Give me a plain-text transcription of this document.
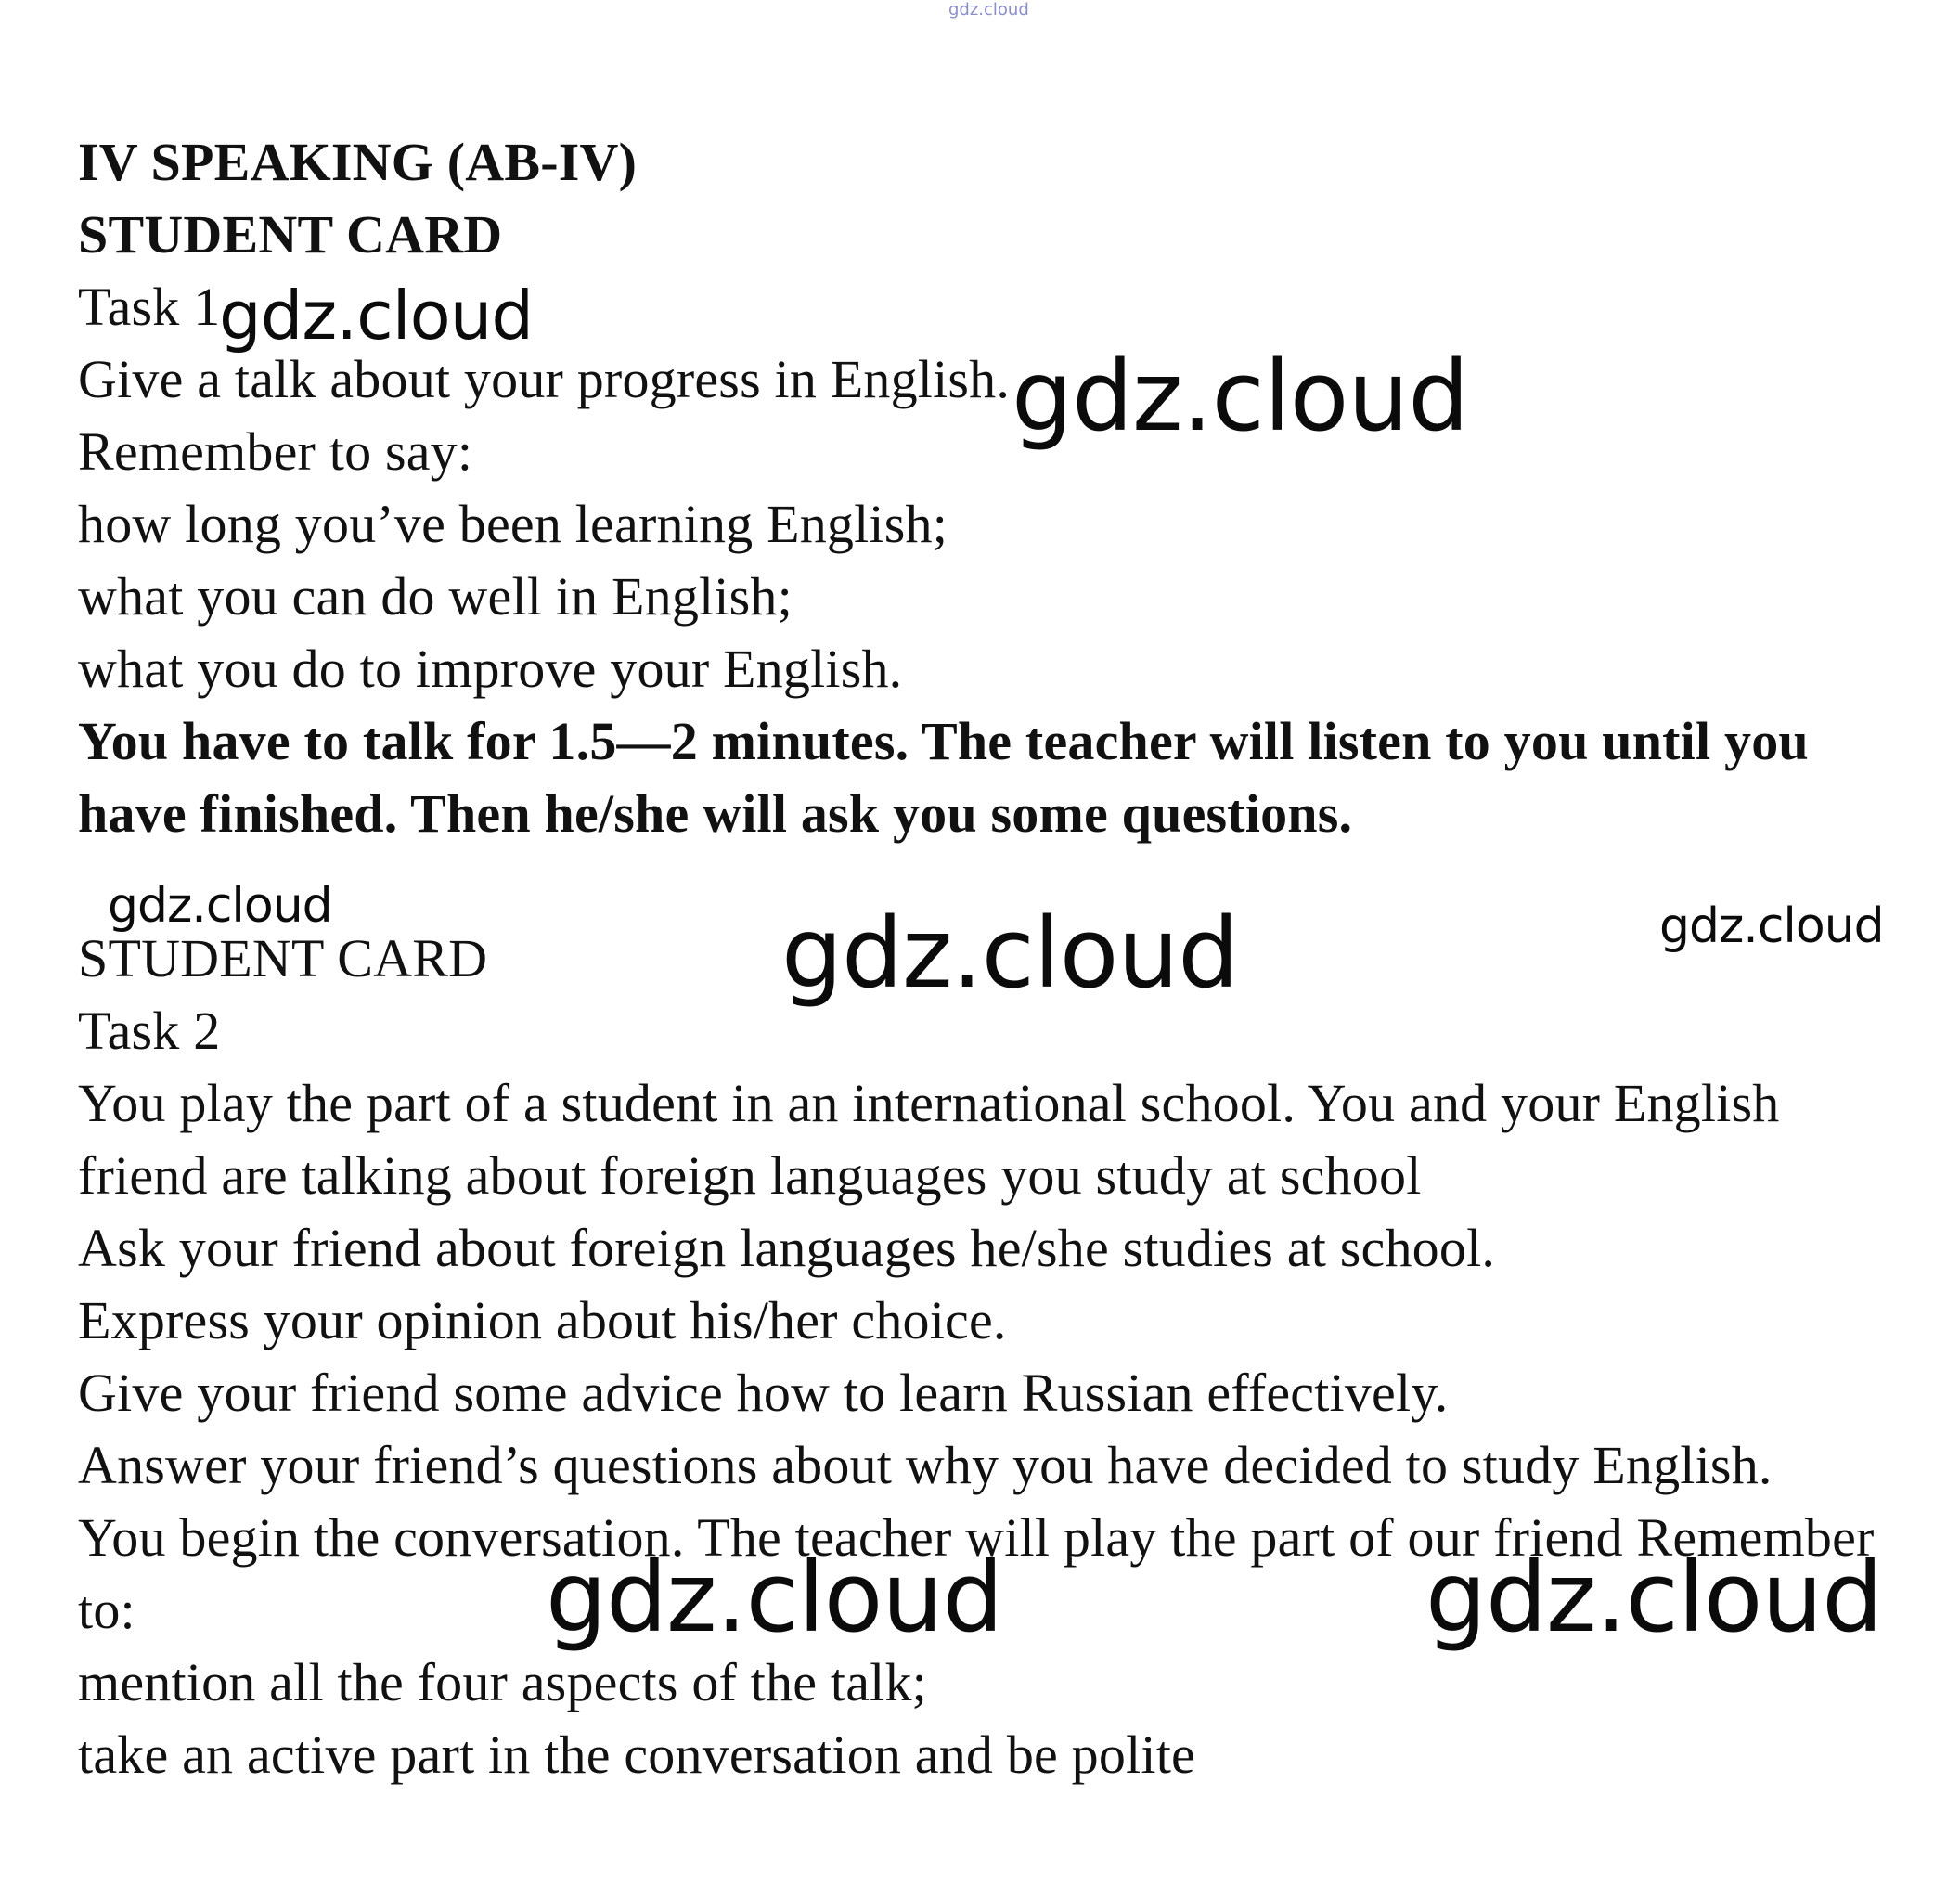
gdz.cloud
IV SPEAKING (AB-IV)
STUDENT CARD
Task 1
Give a talk about your progress in English.
Remember to say:
how long you’ve been learning English;
what you can do well in English;
what you do to improve your English.
You have to talk for 1.5—2 minutes. The teacher will listen to you until you
have finished. Then he/she will ask you some questions.
STUDENT CARD
Task 2
You play the part of a student in an international school. You and your English
friend are talking about foreign languages you study at school
Ask your friend about foreign languages he/she studies at school.
Express your opinion about his/her choice.
Give your friend some advice how to learn Russian effectively.
Answer your friend’s questions about why you have decided to study English.
You begin the conversation. The teacher will play the part of our friend Remember
to:
mention all the four aspects of the talk;
take an active part in the conversation and be polite
gdz.cloud
gdz.cloud
gdz.cloud	gdz.cloud	gdz.cloud
gdz.cloud	gdz.cloud
